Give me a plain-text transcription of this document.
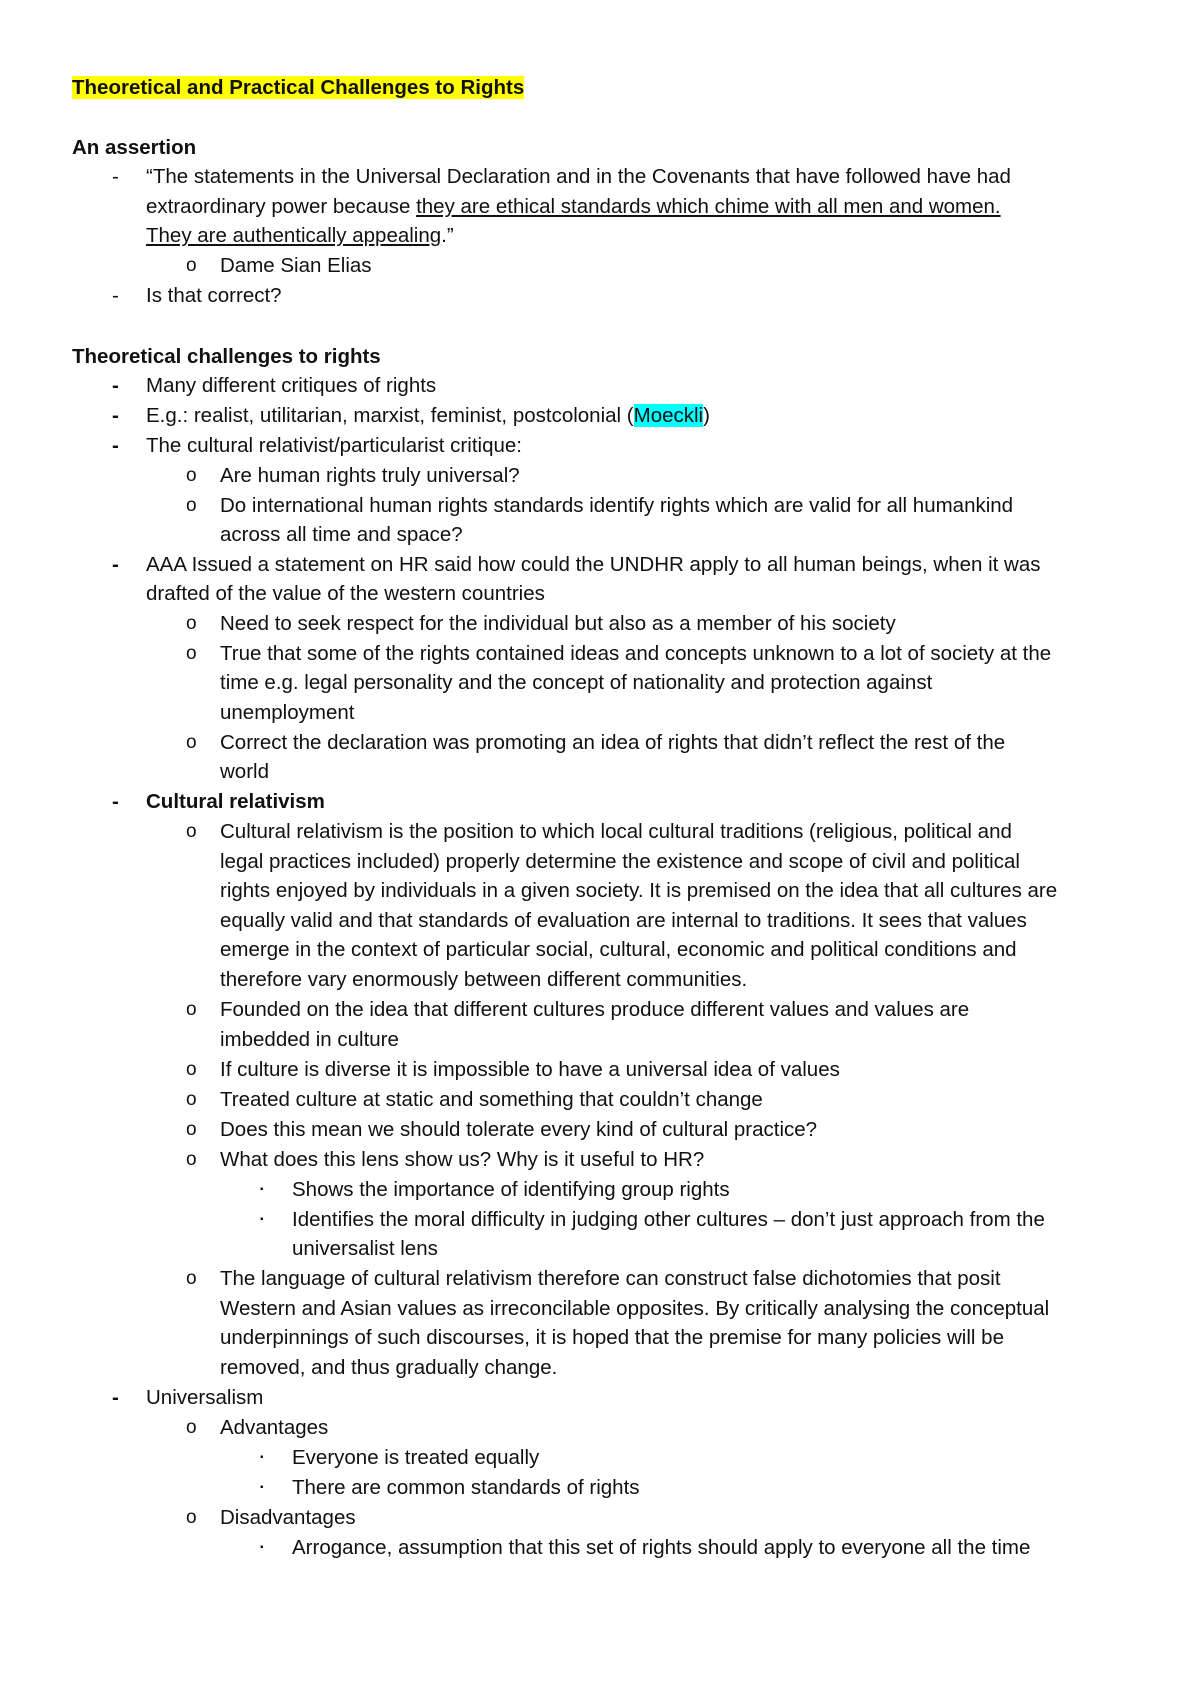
Theoretical and Practical Challenges to Rights
An assertion
- “The statements in the Universal Declaration and in the Covenants that have followed have had
extraordinary power because they are ethical standards which chime with all men and women.
They are authentically appealing.”
o Dame Sian Elias
- Is that correct?
Theoretical challenges to rights
- Many different critiques of rights
- E.g.: realist, utilitarian, marxist, feminist, postcolonial (Moeckli)
- The cultural relativist/particularist critique:
o Are human rights truly universal?
o Do international human rights standards identify rights which are valid for all humankind
across all time and space?
- AAA Issued a statement on HR said how could the UNDHR apply to all human beings, when it was
drafted of the value of the western countries
o Need to seek respect for the individual but also as a member of his society
o True that some of the rights contained ideas and concepts unknown to a lot of society at the
time e.g. legal personality and the concept of nationality and protection against
unemployment
o Correct the declaration was promoting an idea of rights that didn’t reflect the rest of the
world
- Cultural relativism
o Cultural relativism is the position to which local cultural traditions (religious, political and
legal practices included) properly determine the existence and scope of civil and political
rights enjoyed by individuals in a given society. It is premised on the idea that all cultures are
equally valid and that standards of evaluation are internal to traditions. It sees that values
emerge in the context of particular social, cultural, economic and political conditions and
therefore vary enormously between different communities.
o Founded on the idea that different cultures produce different values and values are
imbedded in culture
o If culture is diverse it is impossible to have a universal idea of values
o Treated culture at static and something that couldn’t change
o Does this mean we should tolerate every kind of cultural practice?
o What does this lens show us? Why is it useful to HR?
▪ Shows the importance of identifying group rights
▪ Identifies the moral difficulty in judging other cultures – don’t just approach from the
universalist lens
o The language of cultural relativism therefore can construct false dichotomies that posit
Western and Asian values as irreconcilable opposites. By critically analysing the conceptual
underpinnings of such discourses, it is hoped that the premise for many policies will be
removed, and thus gradually change.
- Universalism
o Advantages
▪ Everyone is treated equally
▪ There are common standards of rights
o Disadvantages
▪ Arrogance, assumption that this set of rights should apply to everyone all the time
